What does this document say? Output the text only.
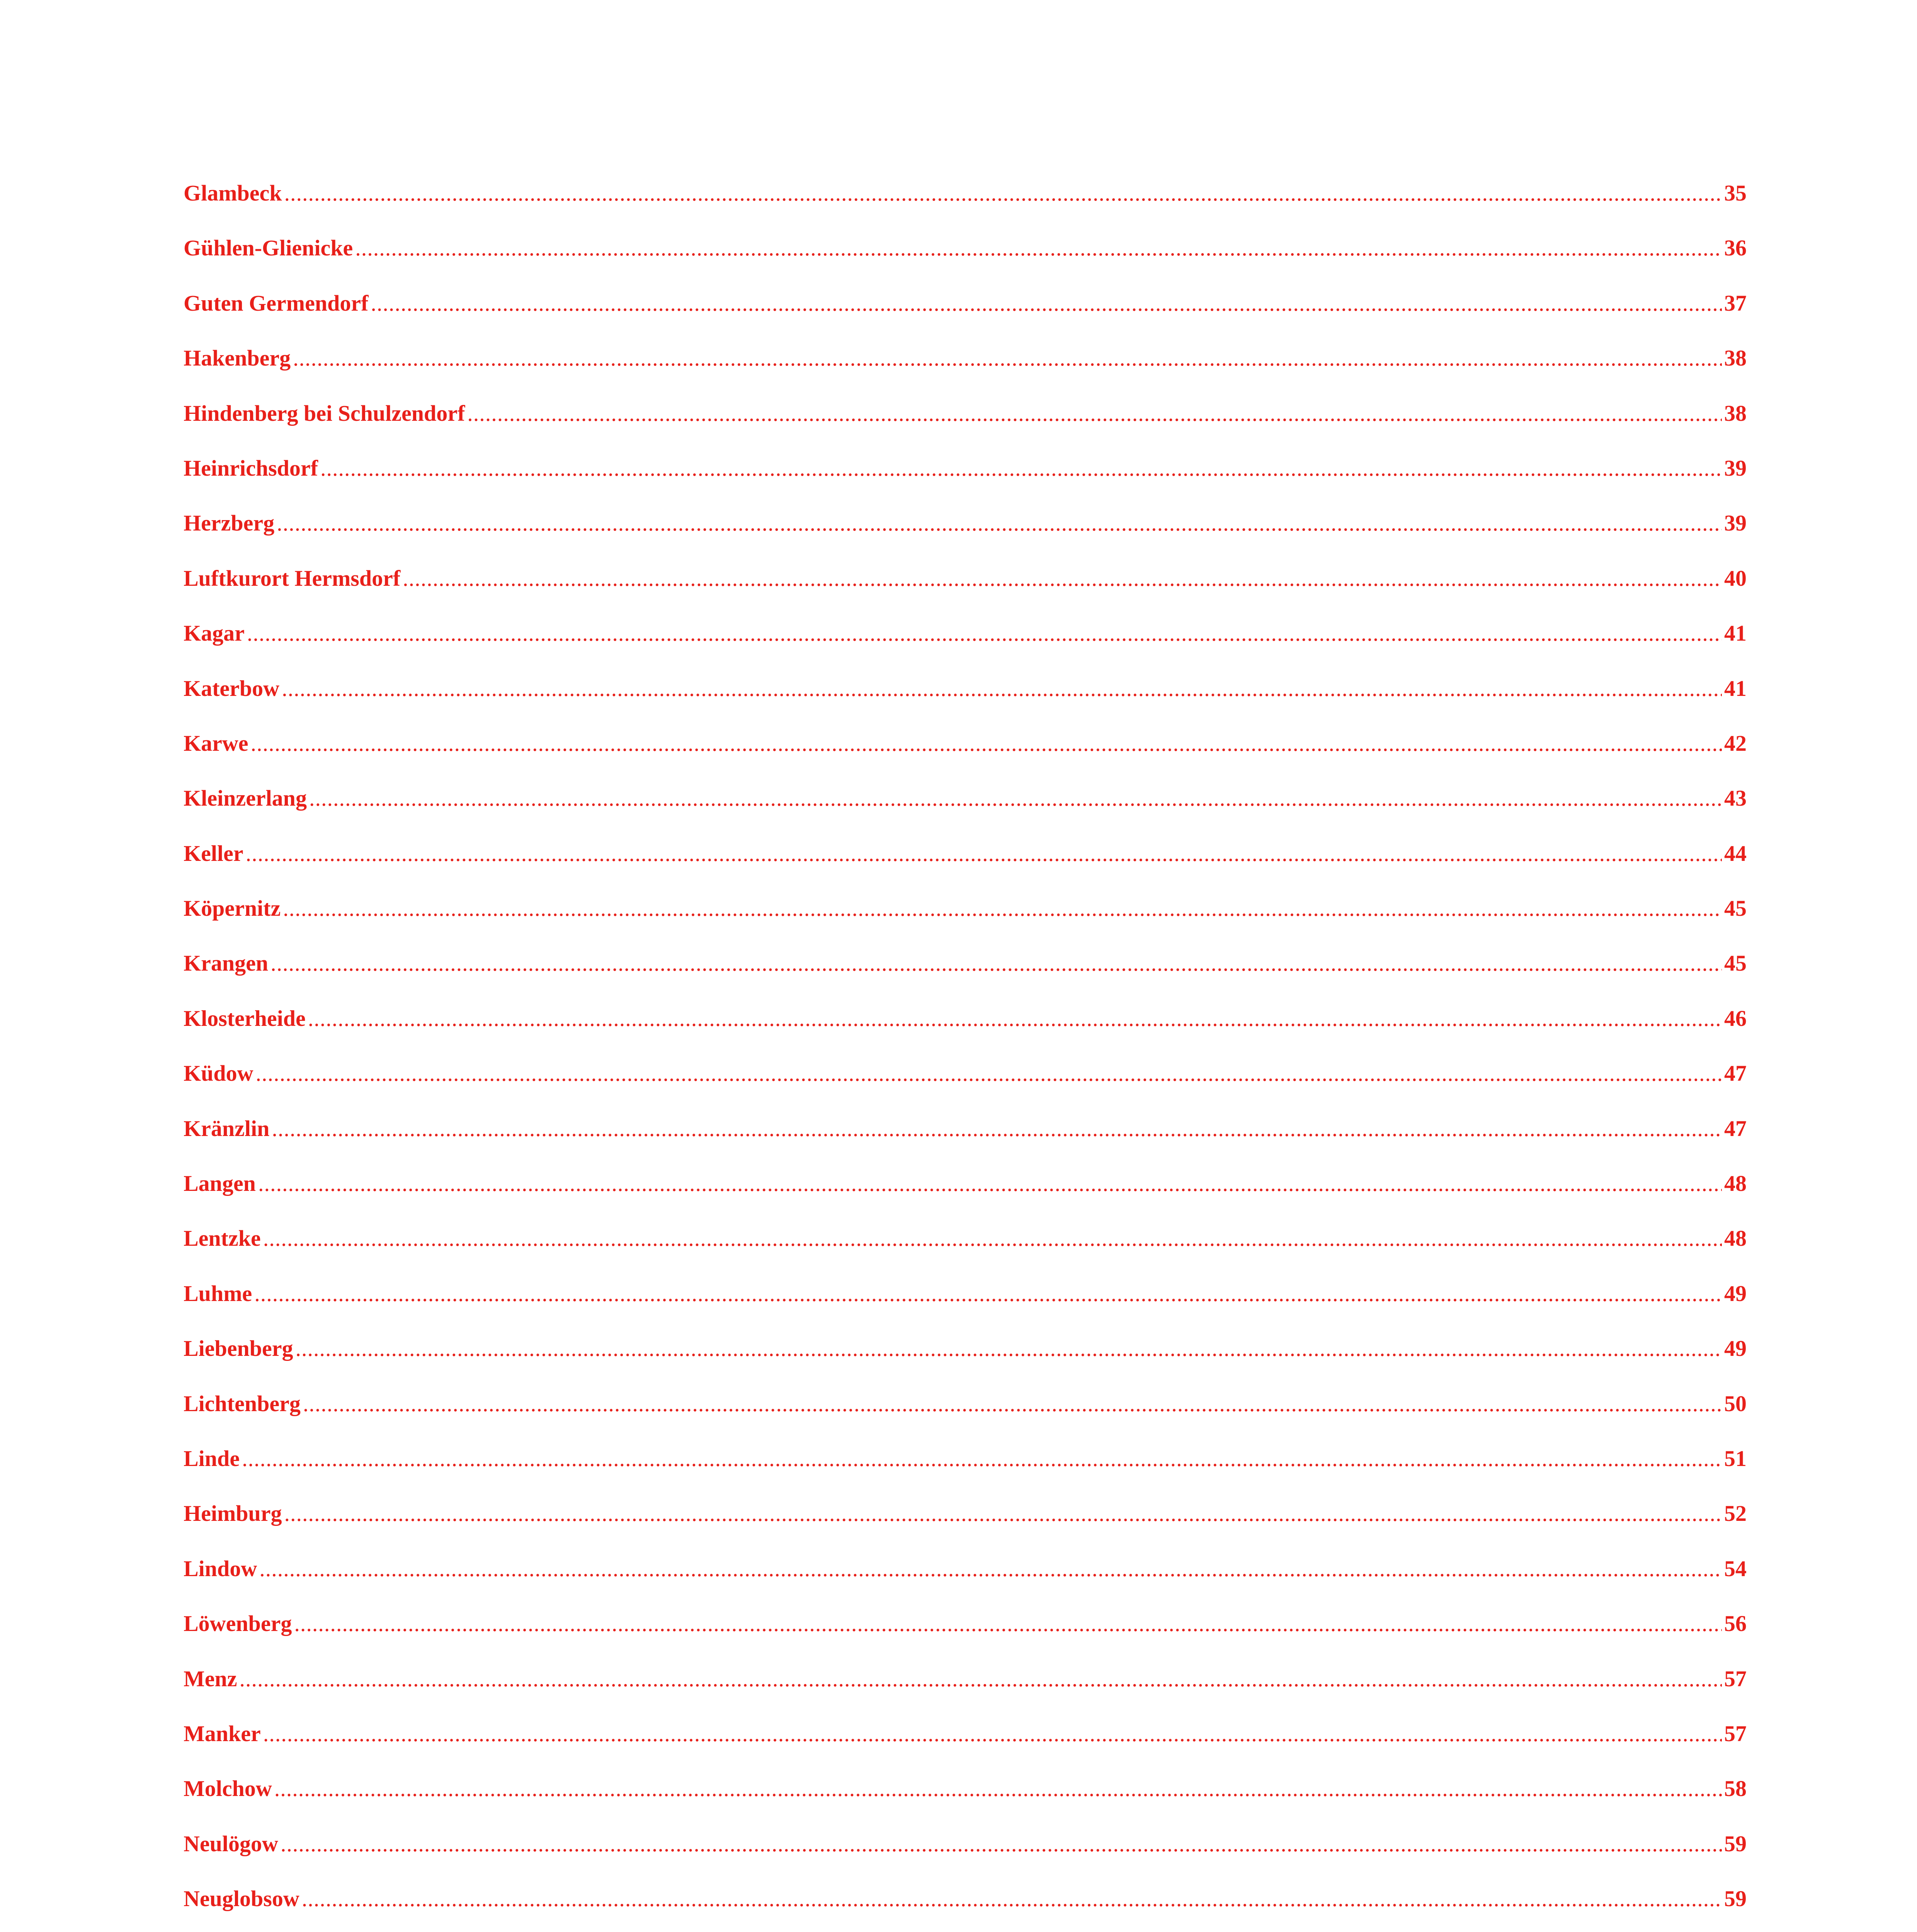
Glambeck .....	35
Gühlen-Glienicke .....	36
Guten Germendorf .....	37
Hakenberg .....	38
Hindenberg bei Schulzendorf .....	38
Heinrichsdorf .....	39
Herzberg .....	39
Luftkurort Hermsdorf .....	40
Kagar .....	41
Katerbow .....	41
Karwe .....	42
Kleinzerlang .....	43
Keller .....	44
Köpernitz .....	45
Krangen .....	45
Klosterheide .....	46
Küdow .....	47
Kränzlin .....	47
Langen .....	48
Lentzke .....	48
Luhme .....	49
Liebenberg .....	49
Lichtenberg .....	50
Linde .....	51
Heimburg .....	52
Lindow .....	54
Löwenberg .....	56
Menz .....	57
Manker .....	57
Molchow .....	58
Neulögow .....	59
Neuglobsow .....	59
